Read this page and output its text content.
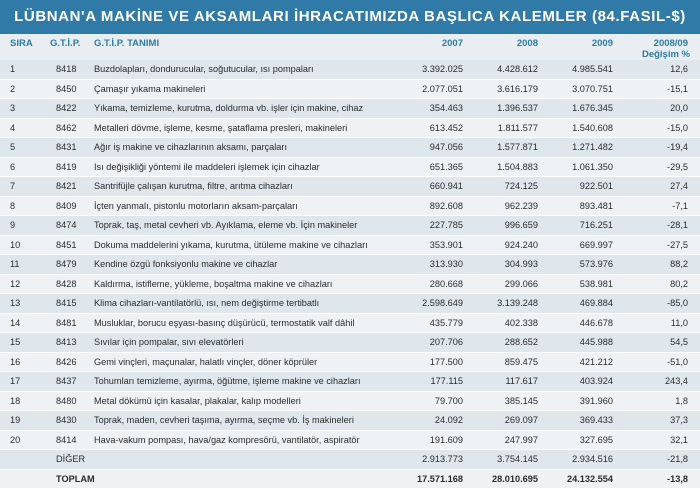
LÜBNAN'A MAKİNE VE AKSAMLARI İHRACATIMIZDA BAŞLICA KALEMLER (84.FASIL-$)
SIRA G.T.İ.P. G.T.İ.P. TANIMI	2007	2008	2009	2008/09
Değişim %
1	8418	Buzdolapları, dondurucular, soğutucular, ısı pompaları	3.392.025	4.428.612	4.985.541	12,6
2	8450	Çamaşır yıkama makineleri	2.077.051	3.616.179	3.070.751	-15,1
3	8422	Yıkama, temizleme, kurutma, doldurma vb. işler için makine, cihaz	354.463	1.396.537	1.676.345	20,0
4	8462	Metalleri dövme, işleme, kesme, şataflama presleri, makineleri	613.452	1.811.577	1.540.608	-15,0
5	8431	Ağır iş makine ve cihazlarının aksamı, parçaları	947.056	1.577.871	1.271.482	-19,4
6	8419	Isı değişikliği yöntemi ile maddeleri işlemek için cihazlar	651.365	1.504.883	1.061.350	-29,5
7	8421	Santrifüjle çalışan kurutma, filtre, arıtma cihazları	660.941	724.125	922.501	27,4
8	8409	İçten yanmalı, pistonlu motorların aksam-parçaları	892.608	962.239	893.481	-7,1
9	8474	Toprak, taş, metal cevheri vb. Ayıklama, eleme vb. İçin makineler	227.785	996.659	716.251	-28,1
10	8451	Dokuma maddelerini yıkama, kurutma, ütüleme makine ve cihazları	353.901	924.240	669.997	-27,5
11	8479	Kendine özgü fonksiyonlu makine ve cihazlar	313.930	304.993	573.976	88,2
12	8428	Kaldırma, istifleme, yükleme, boşaltma makine ve cihazları	280.668	299.066	538.981	80,2
13	8415	Klima cihazları-vantilatörlü, ısı, nem değiştirme tertibatlı	2.598.649	3.139.248	469.884	-85,0
14	8481	Musluklar, borucu eşyası-basınç düşürücü, termostatik valf dâhil	435.779	402.338	446.678	11,0
15	8413	Sıvılar için pompalar, sıvı elevatörleri	207.706	288.652	445.988	54,5
16	8426	Gemi vinçleri, maçunalar, halatlı vinçler, döner köprüler	177.500	859.475	421.212	-51,0
17	8437	Tohumları temizleme, ayırma, öğütme, işleme makine ve cihazları	177.115	117.617	403.924	243,4
18	8480	Metal dökümü için kasalar, plakalar, kalıp modelleri	79.700	385.145	391.960	1,8
19	8430	Toprak, maden, cevheri taşıma, ayırma, seçme vb. İş makineleri	24.092	269.097	369.433	37,3
20	8414	Hava-vakum pompası, hava/gaz kompresörü, vantilatör, aspiratör	191.609	247.997	327.695	32,1
DİĞER	2.913.773	3.754.145	2.934.516	-21,8
TOPLAM	17.571.168	28.010.695	24.132.554	-13,8
